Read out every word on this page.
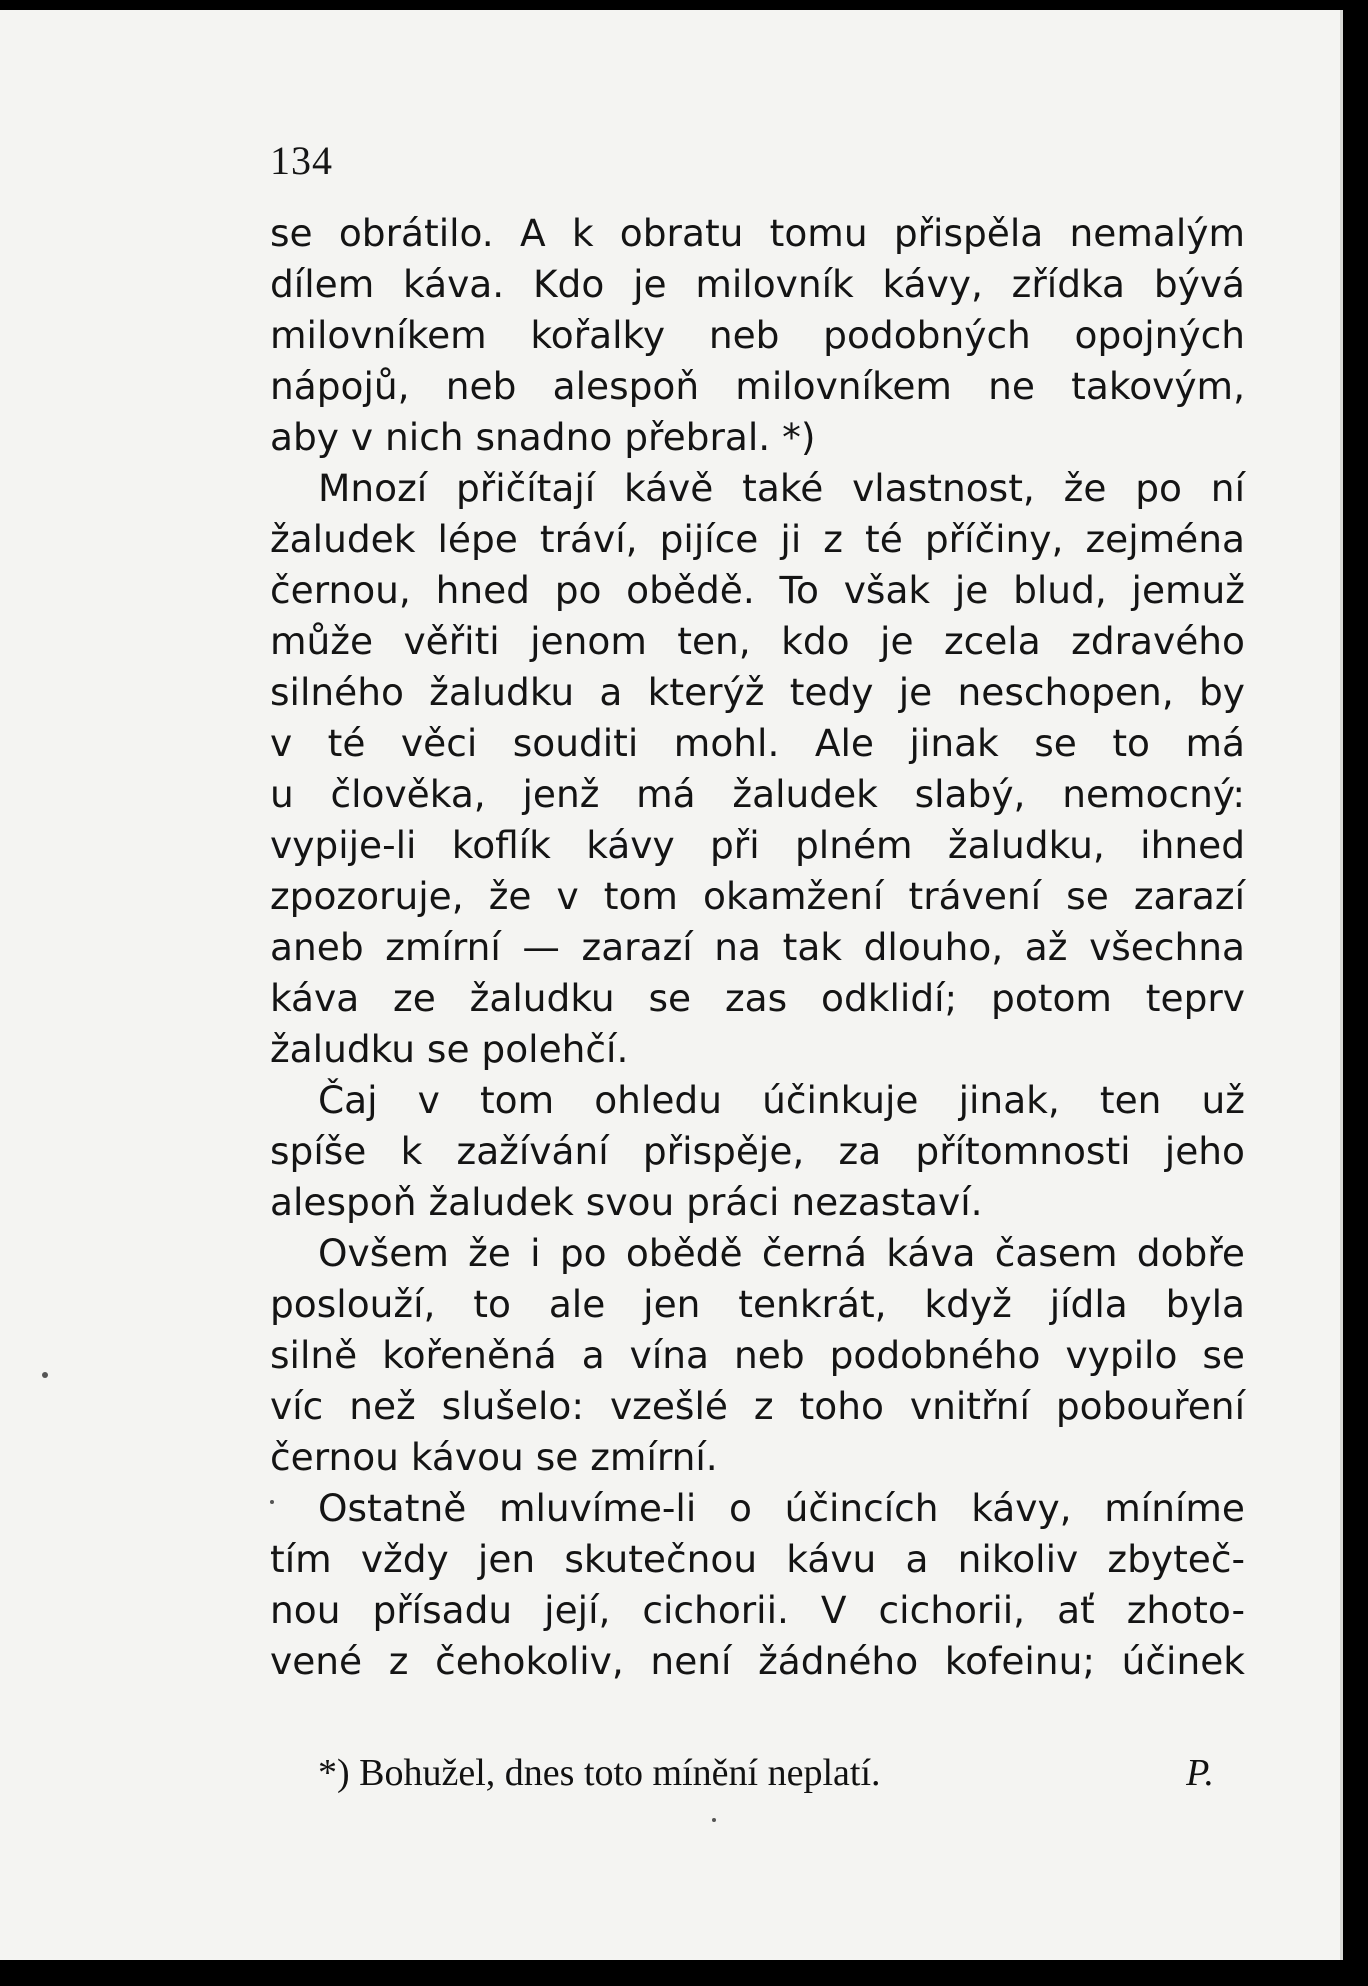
134
se obrátilo. A k obratu tomu přispěla nemalým
dílem káva. Kdo je milovník kávy, zřídka bývá
milovníkem kořalky neb podobných opojných
nápojů, neb alespoň milovníkem ne takovým,
aby v nich snadno přebral. *)
Mnozí přičítají kávě také vlastnost, že po ní
žaludek lépe tráví, pijíce ji z té příčiny, zejména
černou, hned po obědě. To však je blud, jemuž
může věřiti jenom ten, kdo je zcela zdravého
silného žaludku a kterýž tedy je neschopen, by
v té věci souditi mohl. Ale jinak se to má
u člověka, jenž má žaludek slabý, nemocný:
vypije-li koflík kávy při plném žaludku, ihned
zpozoruje, že v tom okamžení trávení se zarazí
aneb zmírní — zarazí na tak dlouho, až všechna
káva ze žaludku se zas odklidí; potom teprv
žaludku se polehčí.
Čaj v tom ohledu účinkuje jinak, ten už
spíše k zažívání přispěje, za přítomnosti jeho
alespoň žaludek svou práci nezastaví.
Ovšem že i po obědě černá káva časem dobře
poslouží, to ale jen tenkrát, když jídla byla
silně kořeněná a vína neb podobného vypilo se
víc než slušelo: vzešlé z toho vnitřní pobouření
černou kávou se zmírní.
Ostatně mluvíme-li o účincích kávy, míníme
tím vždy jen skutečnou kávu a nikoliv zbyteč-
nou přísadu její, cichorii. V cichorii, ať zhoto-
vené z čehokoliv, není žádného kofeinu; účinek
*) Bohužel, dnes toto mínění neplatí.	P.
